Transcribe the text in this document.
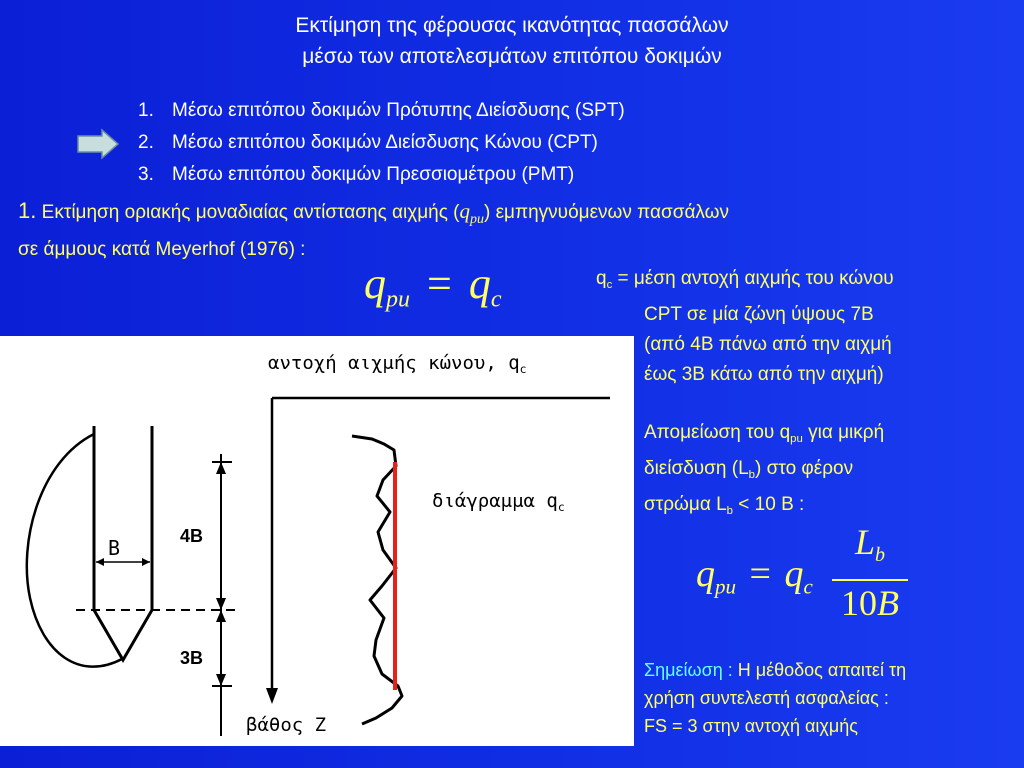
Εκτίμηση της φέρουσας ικανότητας πασσάλων
μέσω των αποτελεσμάτων επιτόπου δοκιμών
1. Μέσω επιτόπου δοκιμών Πρότυπης Διείσδυσης (SPT)
2. Μέσω επιτόπου δοκιμών Διείσδυσης Κώνου (CPT)
3. Μέσω επιτόπου δοκιμών Πρεσσιομέτρου (PMT)
1. Εκτίμηση οριακής μοναδιαίας αντίστασης αιχμής $(q_{pu})$ εμπηγνυόμενων πασσάλων
σε άμμους κατά Meyerhof (1976) :
$q_{pu} = q_c$
$q_c = \mu έ\sigma\eta$ αντοχή αιχμής του κώνου
CPT σε μία ζώνη ύψους 7B
(από 4B πάνω από την αιχμή
έως 3B κάτω από την αιχμή)
Απομείωση του $q_{pu}$ για μικρή
διείσδυση $(L_b)$ στο φέρον
στρώμα $L_b < 10$ B :
$q_{pu} = q_c$
$L_b$
10B
Σημείωση : Η μέθοδος απαιτεί τη
χρήση συντελεστή ασφαλείας :
FS = 3 στην αντοχή αιχμής
αντοχή αιχμής κώνου, $q_c$
διάγραμμα $q_c$
βάθος Z
B	4B
3B
